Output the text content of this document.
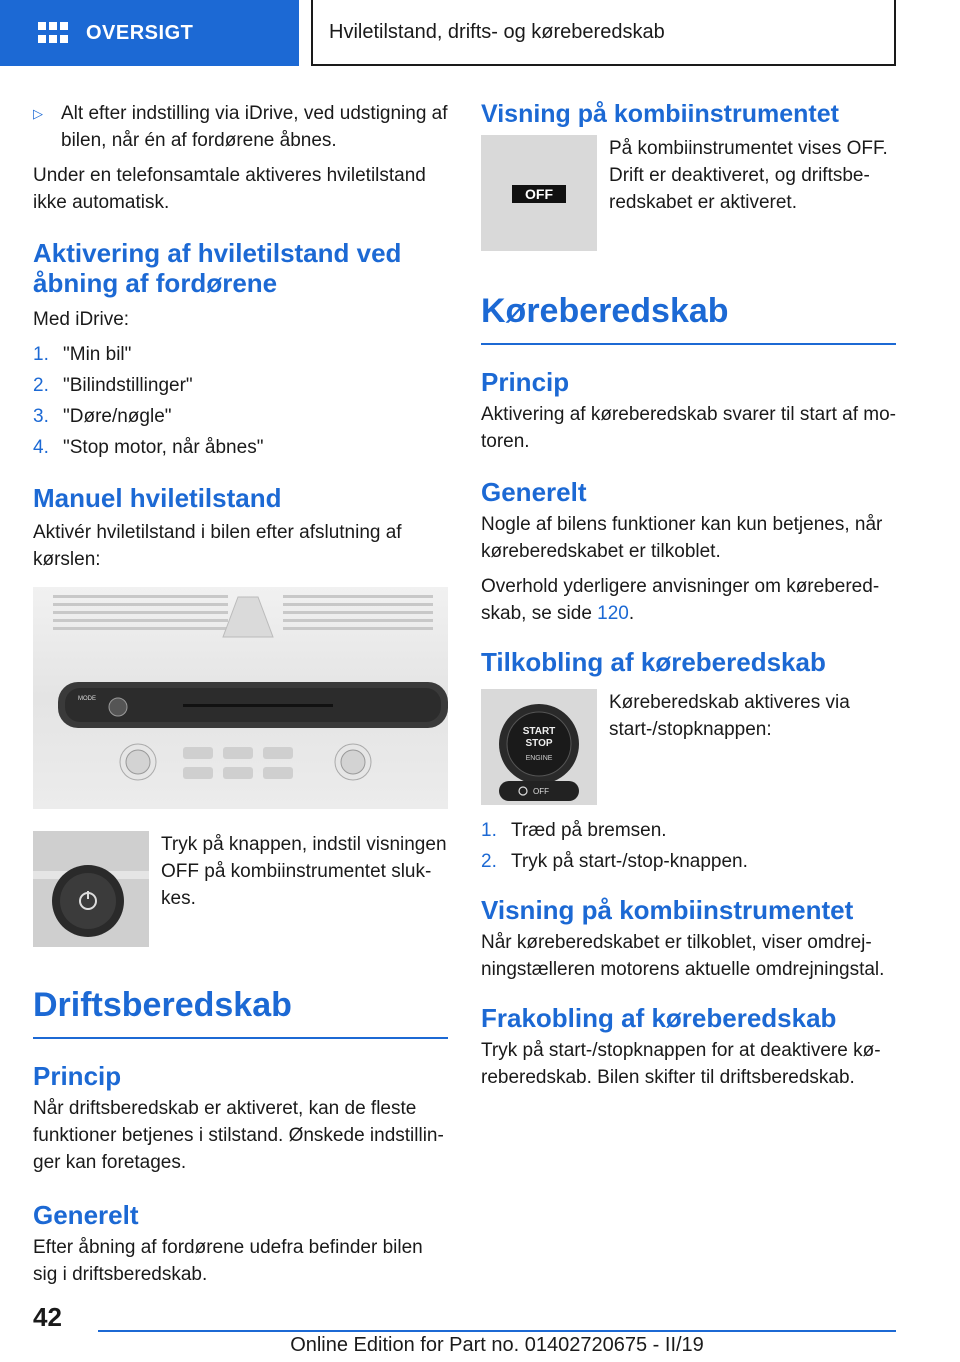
OVERSIGT	Hviletilstand, drifts- og køreberedskab
▷ Alt efter indstilling via iDrive, ved udstigning af bilen, når én af fordørene åbnes.

Under en telefonsamtale aktiveres hviletilstand ikke automatisk.

Aktivering af hviletilstand ved åbning af fordørene

Med iDrive:

1. "Min bil"
2. "Bilindstillinger"
3. "Døre/nøgle"
4. "Stop motor, når åbnes"
Manuel hviletilstand

Aktivér hviletilstand i bilen efter afslutning af kørslen:

MODE

Tryk på knappen, indstil visningen OFF på kombiinstrumentet slukkes.

Driftsberedskab
Princip

Når driftsberedskab er aktiveret, kan de fleste funktioner betjenes i stilstand. Ønskede indstillinger kan foretages.

Generelt

Efter åbning af fordørene udefra befinder bilen sig i driftsberedskab.

Visning på kombiinstrumentet
OFF

På kombiinstrumentet vises OFF. Drift er deaktiveret, og driftsberedskabet er aktiveret.

Køreberedskab
Princip

Aktivering af køreberedskab svarer til start af motoren.

Generelt

Nogle af bilens funktioner kan kun betjenes, når køreberedskabet er tilkoblet.

Overhold yderligere anvisninger om køreberedskab, se side 120.

Tilkobling af køreberedskab
START
STOP
ENGINE
OFF

Køreberedskab aktiveres via start-/stopknappen:

1. Træd på bremsen.
2. Tryk på start-/stop-knappen.
Visning på kombiinstrumentet

Når køreberedskabet er tilkoblet, viser omdrejningstælleren motorens aktuelle omdrejningstal.

Frakobling af køreberedskab

Tryk på start-/stopknappen for at deaktivere køreberedskab. Bilen skifter til driftsberedskab.

42
Online Edition for Part no. 01402720675 - II/19
